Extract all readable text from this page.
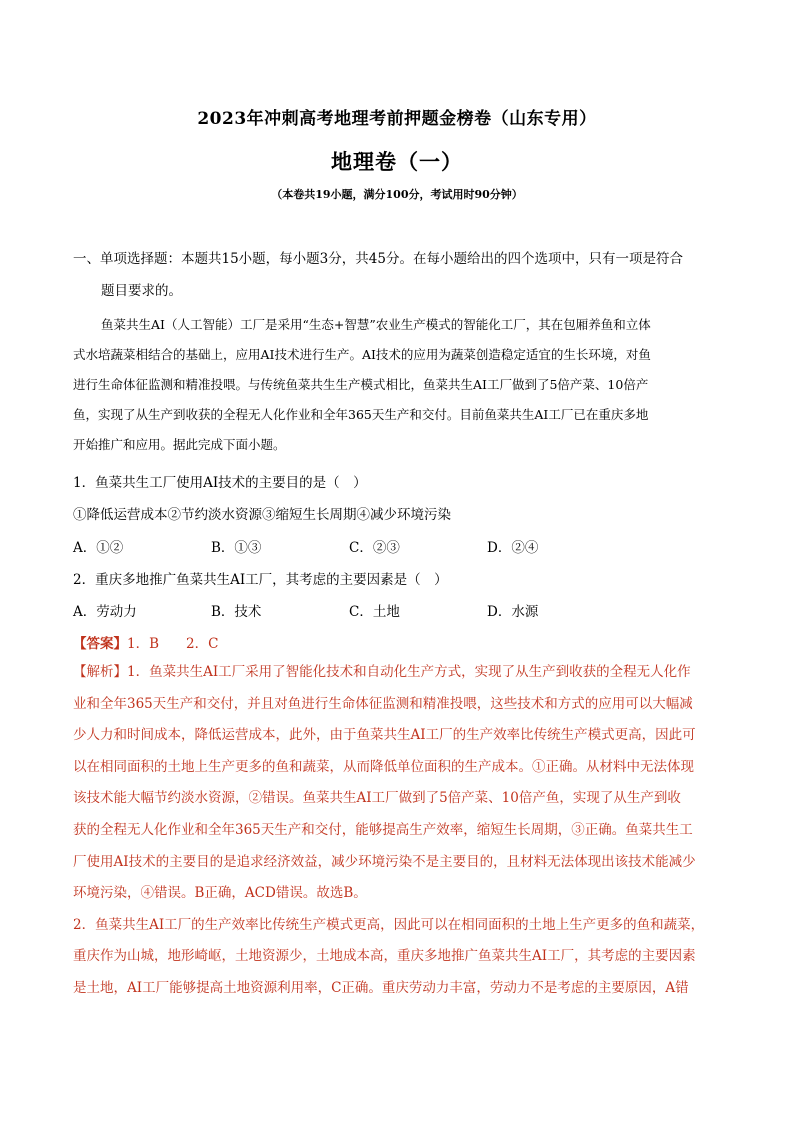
2023年冲刺高考地理考前押题金榜卷（山东专用）
地理卷（一）
（本卷共19小题，满分100分，考试用时90分钟）
一、单项选择题：本题共15小题，每小题3分，共45分。在每小题给出的四个选项中，只有一项是符合
题目要求的。
鱼菜共生AI（人工智能）工厂是采用“生态+智慧”农业生产模式的智能化工厂，其在包厢养鱼和立体
式水培蔬菜相结合的基础上，应用AI技术进行生产。AI技术的应用为蔬菜创造稳定适宜的生长环境，对鱼
进行生命体征监测和精准投喂。与传统鱼菜共生生产模式相比，鱼菜共生AI工厂做到了5倍产菜、10倍产
鱼，实现了从生产到收获的全程无人化作业和全年365天生产和交付。目前鱼菜共生AI工厂已在重庆多地
开始推广和应用。据此完成下面小题。
1．鱼菜共生工厂使用AI技术的主要目的是（　）
①降低运营成本②节约淡水资源③缩短生长周期④减少环境污染
A．①②	B．①③	C．②③	D．②④
2．重庆多地推广鱼菜共生AI工厂，其考虑的主要因素是（　）
A．劳动力	B．技术	C．土地	D．水源
【答案】1．B　　2．C
【解析】1．鱼菜共生AI工厂采用了智能化技术和自动化生产方式，实现了从生产到收获的全程无人化作
业和全年365天生产和交付，并且对鱼进行生命体征监测和精准投喂，这些技术和方式的应用可以大幅减
少人力和时间成本，降低运营成本，此外，由于鱼菜共生AI工厂的生产效率比传统生产模式更高，因此可
以在相同面积的土地上生产更多的鱼和蔬菜，从而降低单位面积的生产成本。①正确。从材料中无法体现
该技术能大幅节约淡水资源，②错误。鱼菜共生AI工厂做到了5倍产菜、10倍产鱼，实现了从生产到收
获的全程无人化作业和全年365天生产和交付，能够提高生产效率，缩短生长周期，③正确。鱼菜共生工
厂使用AI技术的主要目的是追求经济效益，减少环境污染不是主要目的，且材料无法体现出该技术能减少
环境污染，④错误。B正确，ACD错误。故选B。
2．鱼菜共生AI工厂的生产效率比传统生产模式更高，因此可以在相同面积的土地上生产更多的鱼和蔬菜，
重庆作为山城，地形崎岖，土地资源少，土地成本高，重庆多地推广鱼菜共生AI工厂，其考虑的主要因素
是土地，AI工厂能够提高土地资源利用率，C正确。重庆劳动力丰富，劳动力不是考虑的主要原因，A错
